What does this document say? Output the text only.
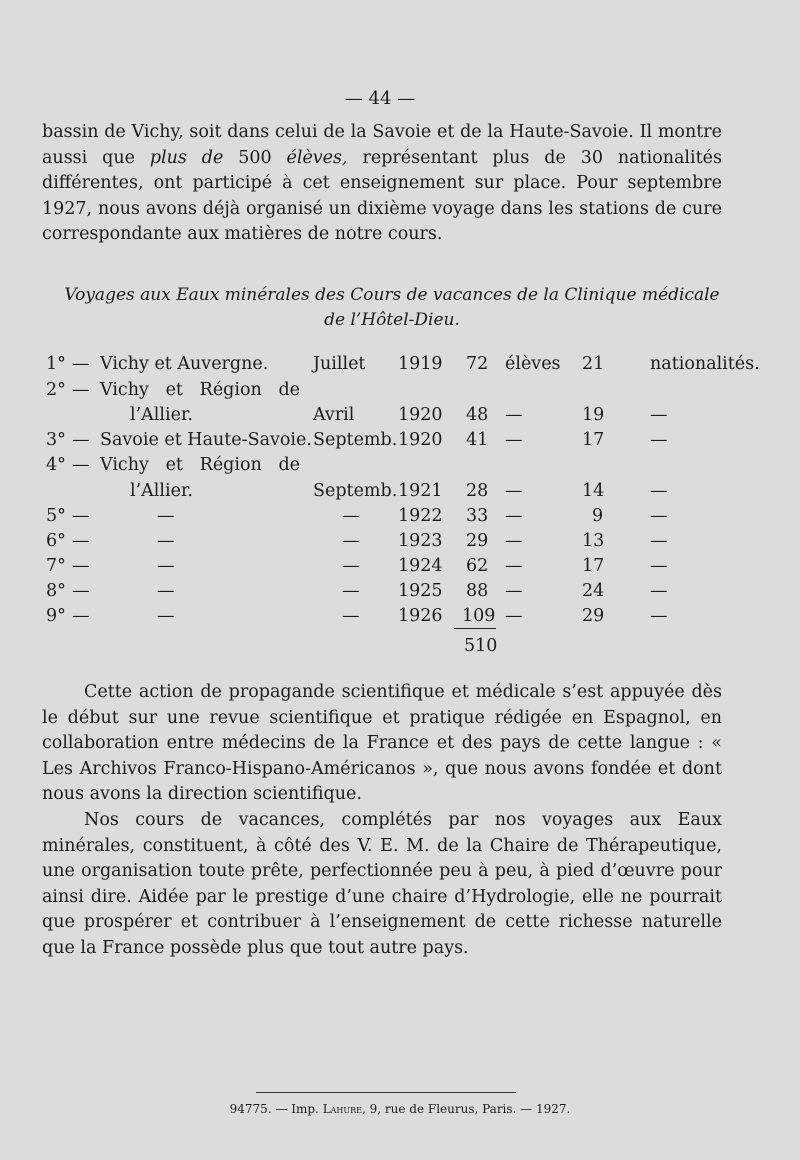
— 44 —

bassin de Vichy, soit dans celui de la Savoie et de la Haute-Savoie. Il montre aussi que plus de 500 élèves, représentant plus de 30 nationalités différentes, ont participé à cet enseignement sur place. Pour septembre 1927, nous avons déjà organisé un dixième voyage dans les stations de cure correspondante aux matières de notre cours.

Voyages aux Eaux minérales des Cours de vacances de la Clinique médicale
de l’Hôtel-Dieu.
1° — Vichy et Auvergne.	Juillet 1919 72 élèves 21	nationalités.
2° — Vichy   et   Région   de
l’Allier.	Avril 1920 48 —	19	—
3° — Savoie et Haute-Savoie. Septemb. 1920 41 —	17	—
4° — Vichy   et   Région   de
l’Allier.	Septemb. 1921 28 —	14	—
5° —	—	— 1922 33 —	9	—
6° —	—	— 1923 29 —	13	—
7° —	—	— 1924 62 —	17	—
8° —	—	— 1925 88 —	24	—
9° —	—	— 1926 109 —	29	—
510

Cette action de propagande scientifique et médicale s’est appuyée dès le début sur une revue scientifique et pratique rédigée en Espagnol, en collaboration entre médecins de la France et des pays de cette langue : « Les Archivos Franco-Hispano-Américanos », que nous avons fondée et dont nous avons la direction scientifique.

Nos cours de vacances, complétés par nos voyages aux Eaux minérales, constituent, à côté des V. E. M. de la Chaire de Thérapeutique, une organisation toute prête, perfectionnée peu à peu, à pied d’œuvre pour ainsi dire. Aidée par le prestige d’une chaire d’Hydrologie, elle ne pourrait que prospérer et contribuer à l’enseignement de cette richesse naturelle que la France possède plus que tout autre pays.

94775. — Imp. Lahure, 9, rue de Fleurus, Paris. — 1927.
